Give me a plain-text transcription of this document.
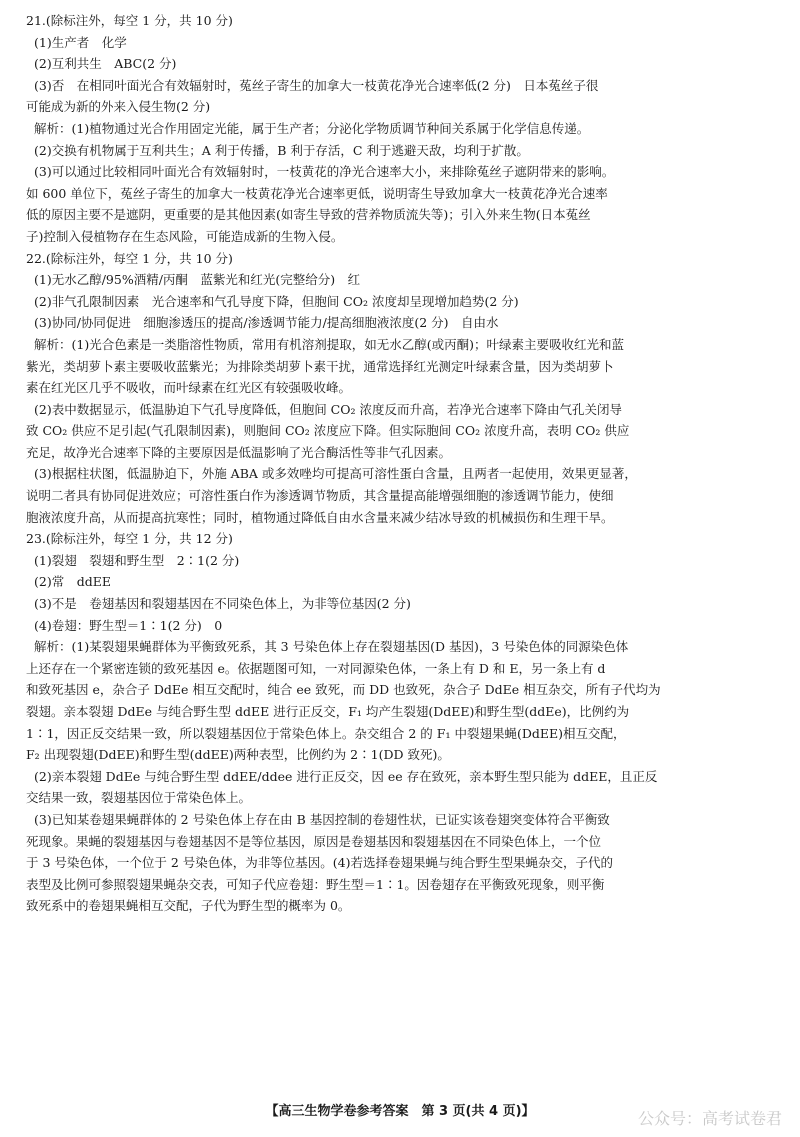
21.(除标注外，每空 1 分，共 10 分)
(1)生产者　化学
(2)互利共生　ABC(2 分)
(3)否　在相同叶面光合有效辐射时，菟丝子寄生的加拿大一枝黄花净光合速率低(2 分)　日本菟丝子很
可能成为新的外来入侵生物(2 分)
解析：(1)植物通过光合作用固定光能，属于生产者；分泌化学物质调节种间关系属于化学信息传递。
(2)交换有机物属于互利共生；A 利于传播，B 利于存活，C 利于逃避天敌，均利于扩散。
(3)可以通过比较相同叶面光合有效辐射时，一枝黄花的净光合速率大小，来排除菟丝子遮阴带来的影响。
如 600 单位下，菟丝子寄生的加拿大一枝黄花净光合速率更低，说明寄生导致加拿大一枝黄花净光合速率
低的原因主要不是遮阴，更重要的是其他因素(如寄生导致的营养物质流失等)；引入外来生物(日本菟丝
子)控制入侵植物存在生态风险，可能造成新的生物入侵。
22.(除标注外，每空 1 分，共 10 分)
(1)无水乙醇/95%酒精/丙酮　蓝紫光和红光(完整给分)　红
(2)非气孔限制因素　光合速率和气孔导度下降，但胞间 CO₂ 浓度却呈现增加趋势(2 分)
(3)协同/协同促进　细胞渗透压的提高/渗透调节能力/提高细胞液浓度(2 分)　自由水
解析：(1)光合色素是一类脂溶性物质，常用有机溶剂提取，如无水乙醇(或丙酮)；叶绿素主要吸收红光和蓝
紫光，类胡萝卜素主要吸收蓝紫光；为排除类胡萝卜素干扰，通常选择红光测定叶绿素含量，因为类胡萝卜
素在红光区几乎不吸收，而叶绿素在红光区有较强吸收峰。
(2)表中数据显示，低温胁迫下气孔导度降低，但胞间 CO₂ 浓度反而升高，若净光合速率下降由气孔关闭导
致 CO₂ 供应不足引起(气孔限制因素)，则胞间 CO₂ 浓度应下降。但实际胞间 CO₂ 浓度升高，表明 CO₂ 供应
充足，故净光合速率下降的主要原因是低温影响了光合酶活性等非气孔因素。
(3)根据柱状图，低温胁迫下，外施 ABA 或多效唑均可提高可溶性蛋白含量，且两者一起使用，效果更显著，
说明二者具有协同促进效应；可溶性蛋白作为渗透调节物质，其含量提高能增强细胞的渗透调节能力，使细
胞液浓度升高，从而提高抗寒性；同时，植物通过降低自由水含量来减少结冰导致的机械损伤和生理干旱。
23.(除标注外，每空 1 分，共 12 分)
(1)裂翅　裂翅和野生型　2∶1(2 分)
(2)常　ddEE
(3)不是　卷翅基因和裂翅基因在不同染色体上，为非等位基因(2 分)
(4)卷翅：野生型＝1∶1(2 分)　0
解析：(1)某裂翅果蝇群体为平衡致死系，其 3 号染色体上存在裂翅基因(D 基因)，3 号染色体的同源染色体
上还存在一个紧密连锁的致死基因 e。依据题图可知，一对同源染色体，一条上有 D 和 E，另一条上有 d
和致死基因 e，杂合子 DdEe 相互交配时，纯合 ee 致死，而 DD 也致死，杂合子 DdEe 相互杂交，所有子代均为
裂翅。亲本裂翅 DdEe 与纯合野生型 ddEE 进行正反交，F₁ 均产生裂翅(DdEE)和野生型(ddEe)，比例约为
1∶1，因正反交结果一致，所以裂翅基因位于常染色体上。杂交组合 2 的 F₁ 中裂翅果蝇(DdEE)相互交配，
F₂ 出现裂翅(DdEE)和野生型(ddEE)两种表型，比例约为 2∶1(DD 致死)。
(2)亲本裂翅 DdEe 与纯合野生型 ddEE/ddee 进行正反交，因 ee 存在致死，亲本野生型只能为 ddEE，且正反
交结果一致，裂翅基因位于常染色体上。
(3)已知某卷翅果蝇群体的 2 号染色体上存在由 B 基因控制的卷翅性状，已证实该卷翅突变体符合平衡致
死现象。果蝇的裂翅基因与卷翅基因不是等位基因，原因是卷翅基因和裂翅基因在不同染色体上，一个位
于 3 号染色体，一个位于 2 号染色体，为非等位基因。(4)若选择卷翅果蝇与纯合野生型果蝇杂交，子代的
表型及比例可参照裂翅果蝇杂交表，可知子代应卷翅：野生型＝1∶1。因卷翅存在平衡致死现象，则平衡
致死系中的卷翅果蝇相互交配，子代为野生型的概率为 0。
【高三生物学卷参考答案　第 3 页(共 4 页)】	公众号：高考试卷君
